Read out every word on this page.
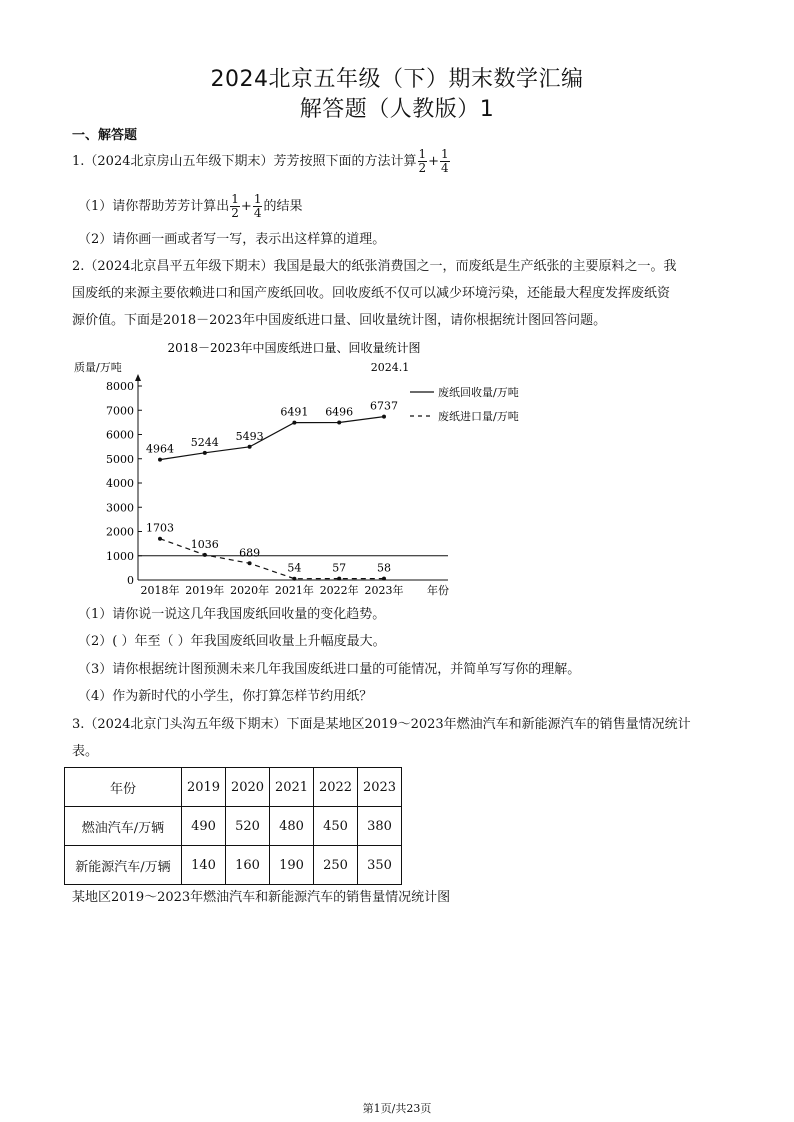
2024北京五年级（下）期末数学汇编
解答题（人教版）1
一、解答题
1.（2024北京房山五年级下期末）芳芳按照下面的方法计算 $\frac{1}{2} + \frac{1}{4}$
（1）请你帮助芳芳计算出 $\frac{1}{2} + \frac{1}{4}$ 的结果
（2）请你画一画或者写一写，表示出这样算的道理。
2.（2024北京昌平五年级下期末）我国是最大的纸张消费国之一，而废纸是生产纸张的主要原料之一。我
国废纸的来源主要依赖进口和国产废纸回收。回收废纸不仅可以减少环境污染，还能最大程度发挥废纸资
源价值。下面是2018－2023年中国废纸进口量、回收量统计图，请你根据统计图回答问题。
2018－2023年中国废纸进口量、回收量统计图
2024.1
质量/万吨
0
1000
2000
3000
4000
5000
6000
7000
8000
2018年 2019年 2020年 2021年 2022年 2023年 年份
4964
5244 5493
6491 6496 6737
废纸回收量/万吨
1703
1036
689
54	57	58
废纸进口量/万吨
（1）请你说一说这几年我国废纸回收量的变化趋势。
（2）( ）年至（ ）年我国废纸回收量上升幅度最大。
（3）请你根据统计图预测未来几年我国废纸进口量的可能情况，并简单写写你的理解。
（4）作为新时代的小学生，你打算怎样节约用纸？
3.（2024北京门头沟五年级下期末）下面是某地区2019～2023年燃油汽车和新能源汽车的销售量情况统计
表。
年份	2019	2020	2021	2022	2023
燃油汽车/万辆	490	520	480	450	380
新能源汽车/万辆	140	160	190	250	350
某地区2019～2023年燃油汽车和新能源汽车的销售量情况统计图
第1页/共23页
